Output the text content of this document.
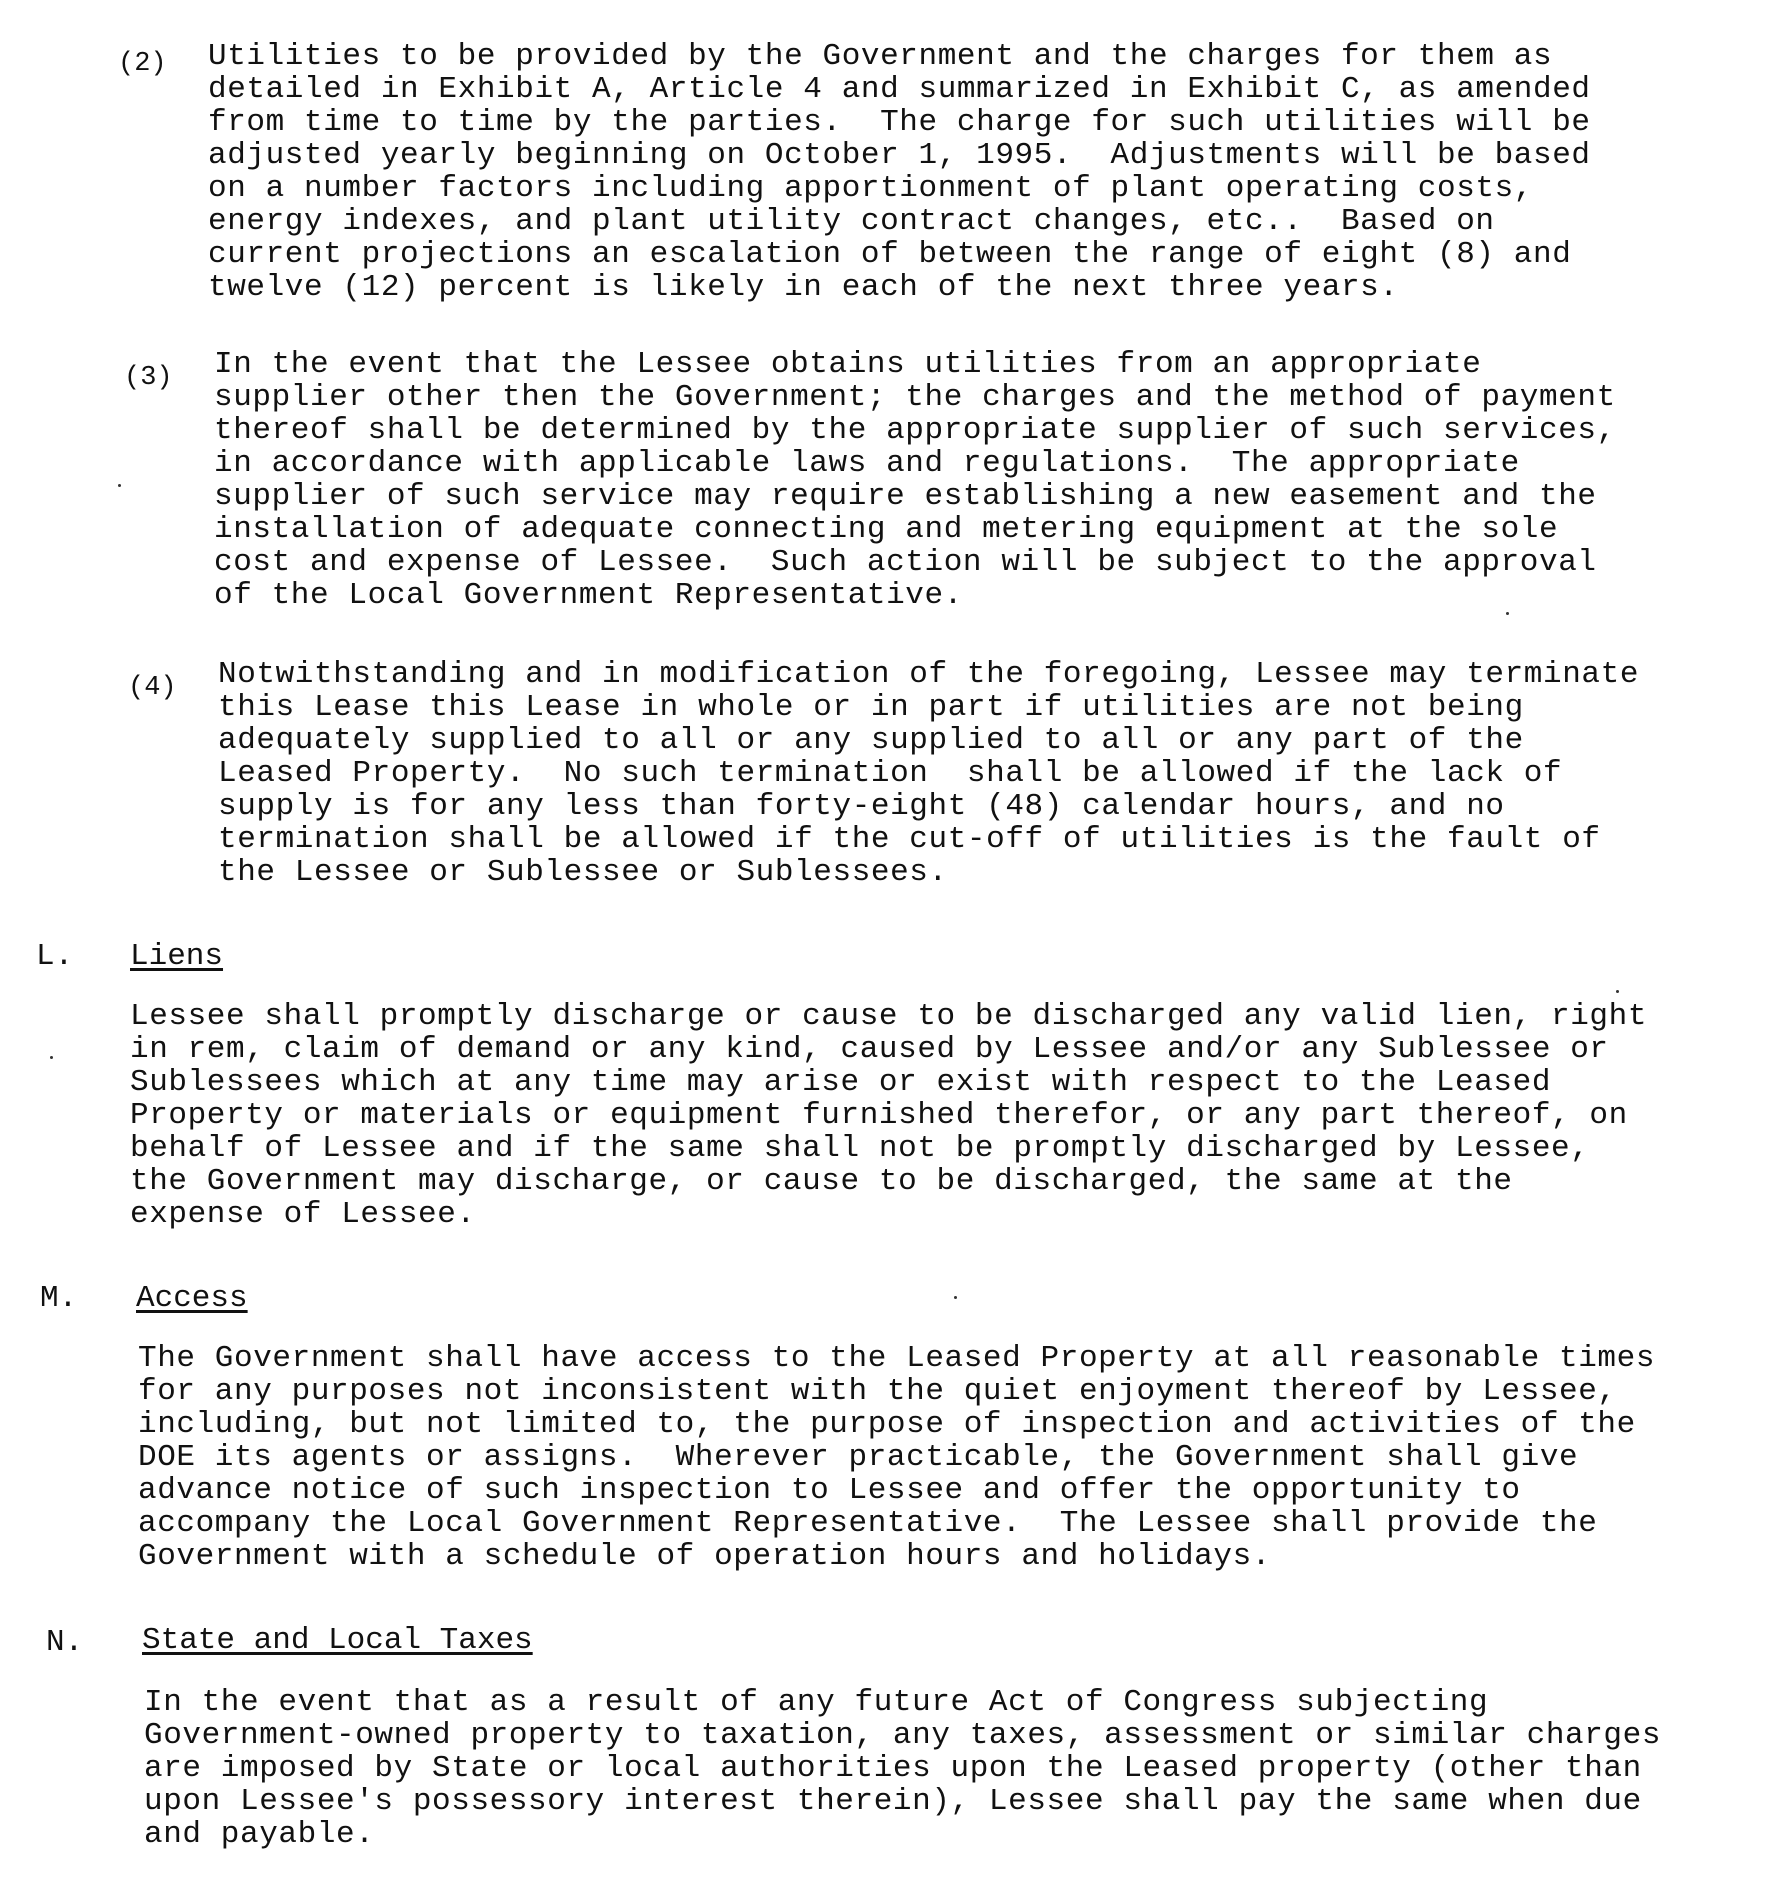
(2) Utilities to be provided by the Government and the charges for them as
detailed in Exhibit A, Article 4 and summarized in Exhibit C, as amended
from time to time by the parties.  The charge for such utilities will be
adjusted yearly beginning on October 1, 1995.  Adjustments will be based
on a number factors including apportionment of plant operating costs,
energy indexes, and plant utility contract changes, etc..  Based on
current projections an escalation of between the range of eight (8) and
twelve (12) percent is likely in each of the next three years.
(3) In the event that the Lessee obtains utilities from an appropriate
supplier other then the Government; the charges and the method of payment
thereof shall be determined by the appropriate supplier of such services,
in accordance with applicable laws and regulations.  The appropriate
supplier of such service may require establishing a new easement and the
installation of adequate connecting and metering equipment at the sole
cost and expense of Lessee.  Such action will be subject to the approval
of the Local Government Representative.
(4) Notwithstanding and in modification of the foregoing, Lessee may terminate
this Lease this Lease in whole or in part if utilities are not being
adequately supplied to all or any supplied to all or any part of the
Leased Property.  No such termination  shall be allowed if the lack of
supply is for any less than forty-eight (48) calendar hours, and no
termination shall be allowed if the cut-off of utilities is the fault of
the Lessee or Sublessee or Sublessees.
L. Liens
Lessee shall promptly discharge or cause to be discharged any valid lien, right
in rem, claim of demand or any kind, caused by Lessee and/or any Sublessee or
Sublessees which at any time may arise or exist with respect to the Leased
Property or materials or equipment furnished therefor, or any part thereof, on
behalf of Lessee and if the same shall not be promptly discharged by Lessee,
the Government may discharge, or cause to be discharged, the same at the
expense of Lessee.
M. Access
The Government shall have access to the Leased Property at all reasonable times
for any purposes not inconsistent with the quiet enjoyment thereof by Lessee,
including, but not limited to, the purpose of inspection and activities of the
DOE its agents or assigns.  Wherever practicable, the Government shall give
advance notice of such inspection to Lessee and offer the opportunity to
accompany the Local Government Representative.  The Lessee shall provide the
Government with a schedule of operation hours and holidays.
N. State and Local Taxes
In the event that as a result of any future Act of Congress subjecting
Government-owned property to taxation, any taxes, assessment or similar charges
are imposed by State or local authorities upon the Leased property (other than
upon Lessee's possessory interest therein), Lessee shall pay the same when due
and payable.
